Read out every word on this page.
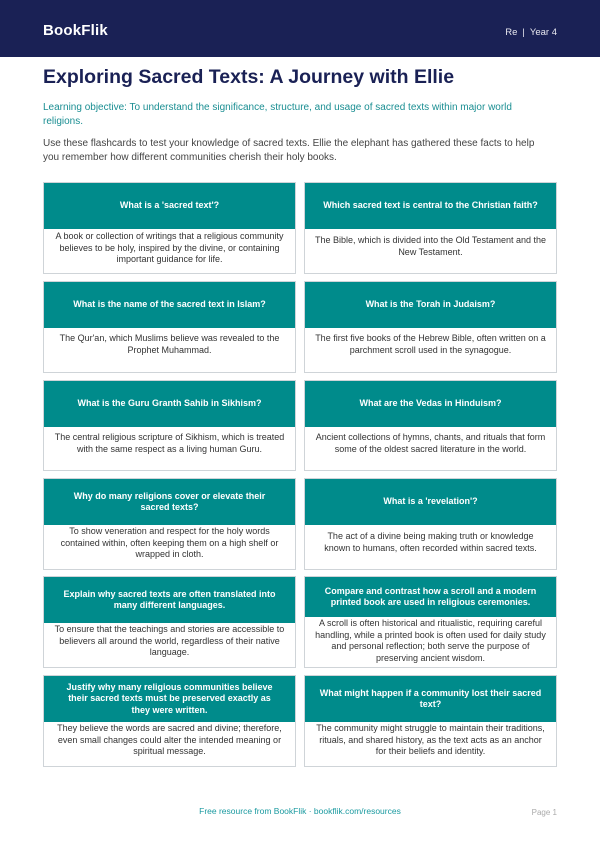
BookFlik	Re | Year 4
Exploring Sacred Texts: A Journey with Ellie
Learning objective: To understand the significance, structure, and usage of sacred texts within major world religions.
Use these flashcards to test your knowledge of sacred texts. Ellie the elephant has gathered these facts to help you remember how different communities cherish their holy books.
What is a 'sacred text'?
A book or collection of writings that a religious community believes to be holy, inspired by the divine, or containing important guidance for life.
Which sacred text is central to the Christian faith?
The Bible, which is divided into the Old Testament and the New Testament.
What is the name of the sacred text in Islam?
The Qur'an, which Muslims believe was revealed to the Prophet Muhammad.
What is the Torah in Judaism?
The first five books of the Hebrew Bible, often written on a parchment scroll used in the synagogue.
What is the Guru Granth Sahib in Sikhism?
The central religious scripture of Sikhism, which is treated with the same respect as a living human Guru.
What are the Vedas in Hinduism?
Ancient collections of hymns, chants, and rituals that form some of the oldest sacred literature in the world.
Why do many religions cover or elevate their sacred texts?
To show veneration and respect for the holy words contained within, often keeping them on a high shelf or wrapped in cloth.
What is a 'revelation'?
The act of a divine being making truth or knowledge known to humans, often recorded within sacred texts.
Explain why sacred texts are often translated into many different languages.
To ensure that the teachings and stories are accessible to believers all around the world, regardless of their native language.
Compare and contrast how a scroll and a modern printed book are used in religious ceremonies.
A scroll is often historical and ritualistic, requiring careful handling, while a printed book is often used for daily study and personal reflection; both serve the purpose of preserving ancient wisdom.
Justify why many religious communities believe their sacred texts must be preserved exactly as they were written.
They believe the words are sacred and divine; therefore, even small changes could alter the intended meaning or spiritual message.
What might happen if a community lost their sacred text?
The community might struggle to maintain their traditions, rituals, and shared history, as the text acts as an anchor for their beliefs and identity.
Free resource from BookFlik · bookflik.com/resources	Page 1
